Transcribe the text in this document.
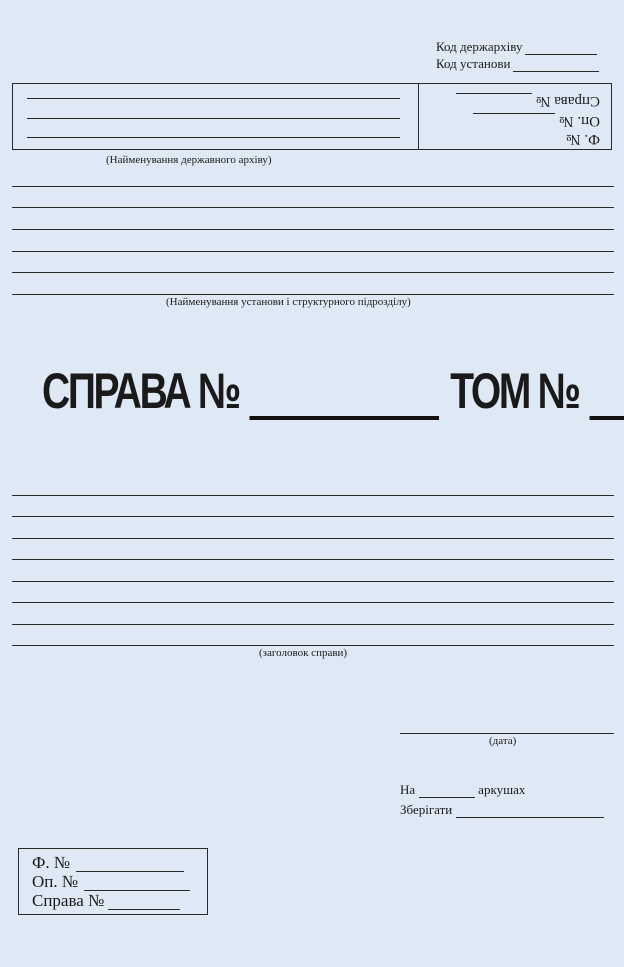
Код держархіву
Код установи
Ф. №
Оп. №
Справа №
(Найменування державного архіву)
(Найменування установи і структурного підрозділу)
СПРАВА №	ТОМ №
(заголовок справи)
(дата)
На	аркушах
Зберігати
Ф. №
Оп. №
Справа №
